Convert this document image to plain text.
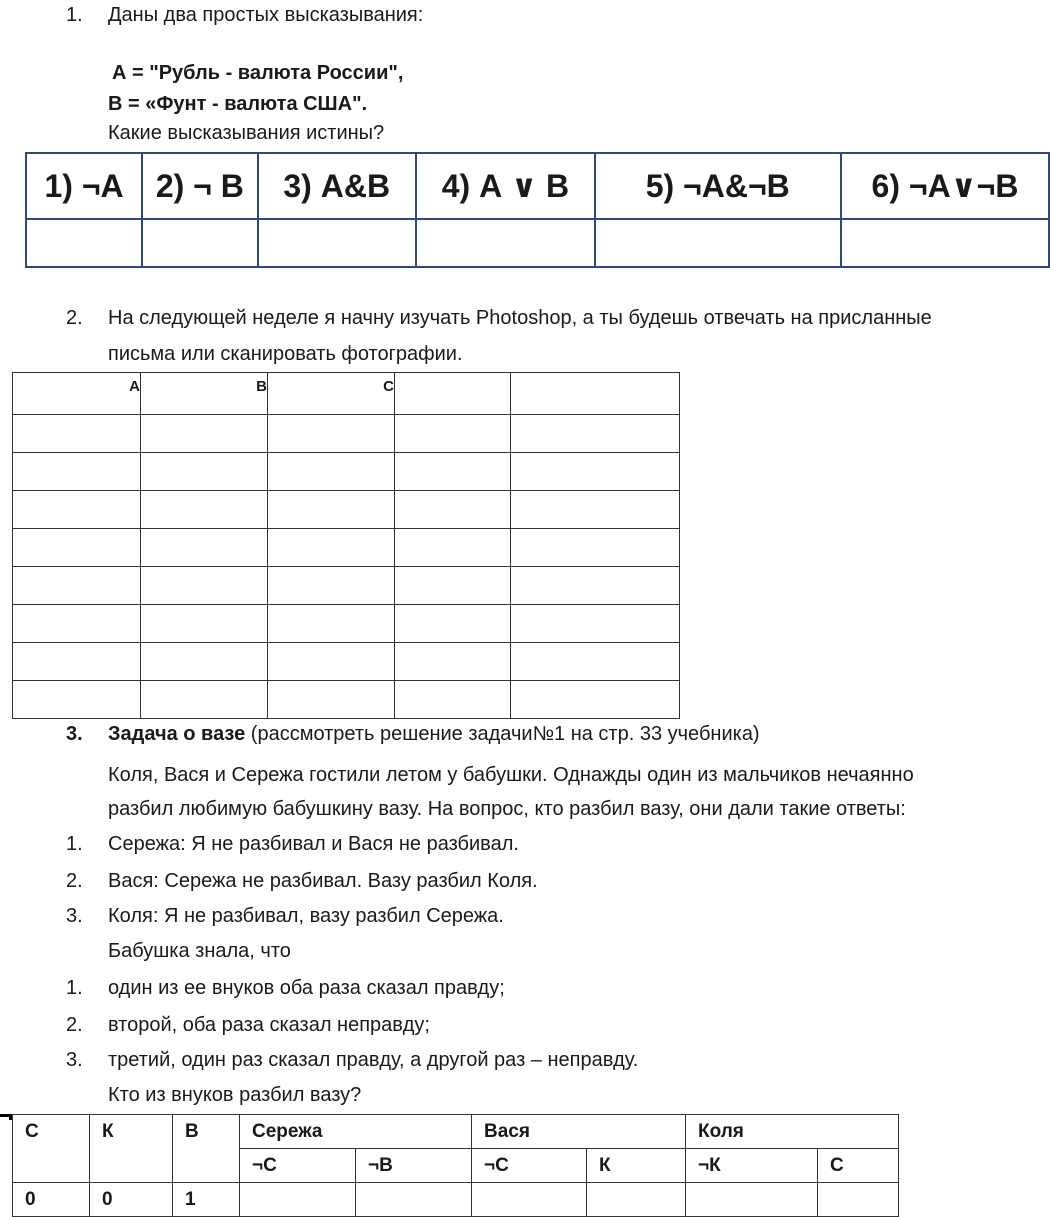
1. Даны два простых высказывания:
А = "Рубль - валюта России",
В = «Фунт - валюта США".
Какие высказывания истины?
1) ¬А	2) ¬ В	3) А&В	4) А ∨ В	5) ¬А&¬В	6) ¬А∨¬В

2. На следующей неделе я начну изучать Photoshop, а ты будешь отвечать на присланные
письма или сканировать фотографии.
A	B	C		

3. Задача о вазе (рассмотреть решение задачи№1 на стр. 33 учебника)
Коля, Вася и Сережа гостили летом у бабушки. Однажды один из мальчиков нечаянно
разбил любимую бабушкину вазу. На вопрос, кто разбил вазу, они дали такие ответы:
1. Сережа: Я не разбивал и Вася не разбивал.
2. Вася: Сережа не разбивал. Вазу разбил Коля.
3. Коля: Я не разбивал, вазу разбил Сережа.
Бабушка знала, что
1. один из ее внуков оба раза сказал правду;
2. второй, оба раза сказал неправду;
3. третий, один раз сказал правду, а другой раз – неправду.
Кто из внуков разбил вазу?
С	К	В	Сережа		Вася		Коля	
			¬С	¬В	¬С	К	¬К	С
0	0	1						
